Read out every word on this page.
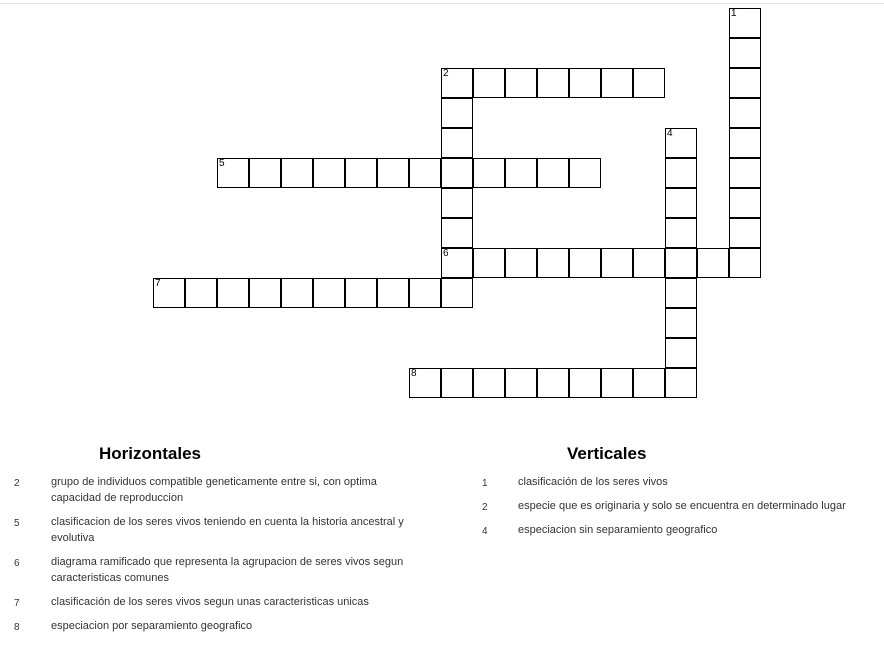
1
2
6
4
5
7
8
Horizontales	Verticales
2	grupo de individuos compatible geneticamente entre si, con optima capacidad de reproduccion
5	clasificacion de los seres vivos teniendo en cuenta la historia ancestral y evolutiva
6	diagrama ramificado que representa la agrupacion de seres vivos segun caracteristicas comunes
7	clasificación de los seres vivos segun unas caracteristicas unicas
8	especiacion por separamiento geografico
1	clasificación de los seres vivos
2	especie que es originaria y solo se encuentra en determinado lugar
4	especiacion sin separamiento geografico
